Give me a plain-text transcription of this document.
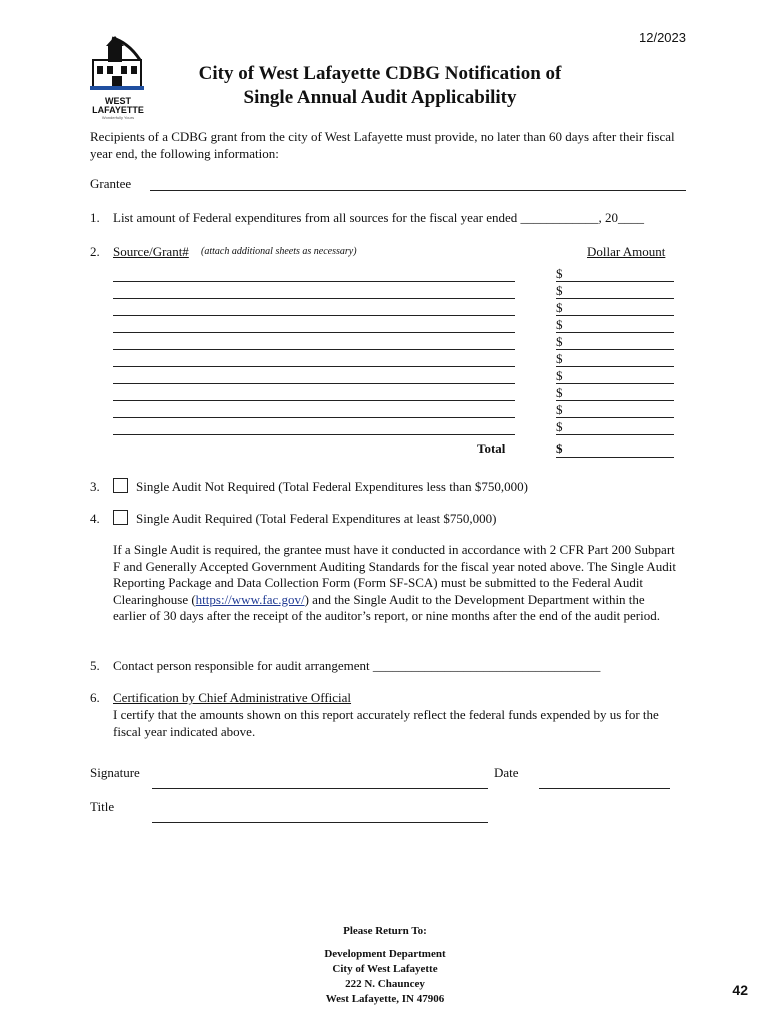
12/2023
WEST
LAFAYETTE
Wonderfully Yours
City of West Lafayette CDBG Notification of
Single Annual Audit Applicability
Recipients of a CDBG grant from the city of West Lafayette must provide, no later than 60 days after their fiscal year end, the following information:
Grantee
1. List amount of Federal expenditures from all sources for the fiscal year ended ____________, 20____
2. Source/Grant# (attach additional sheets as necessary)	Dollar Amount
$
$
$
$
$
$
$
$
$
$
Total	$
3.	Single Audit Not Required (Total Federal Expenditures less than $750,000)
4.	Single Audit Required (Total Federal Expenditures at least $750,000)
If a Single Audit is required, the grantee must have it conducted in accordance with 2 CFR Part 200 Subpart F and Generally Accepted Government Auditing Standards for the fiscal year noted above. The Single Audit Reporting Package and Data Collection Form (Form SF-SCA) must be submitted to the Federal Audit Clearinghouse (https://www.fac.gov/) and the Single Audit to the Development Department within the earlier of 30 days after the receipt of the auditor’s report, or nine months after the end of the audit period.
5. Contact person responsible for audit arrangement ___________________________________
6. Certification by Chief Administrative Official
I certify that the amounts shown on this report accurately reflect the federal funds expended by us for the fiscal year indicated above.
Signature	Date
Title
Please Return To:
Development Department
City of West Lafayette
222 N. Chauncey
West Lafayette, IN 47906
42
